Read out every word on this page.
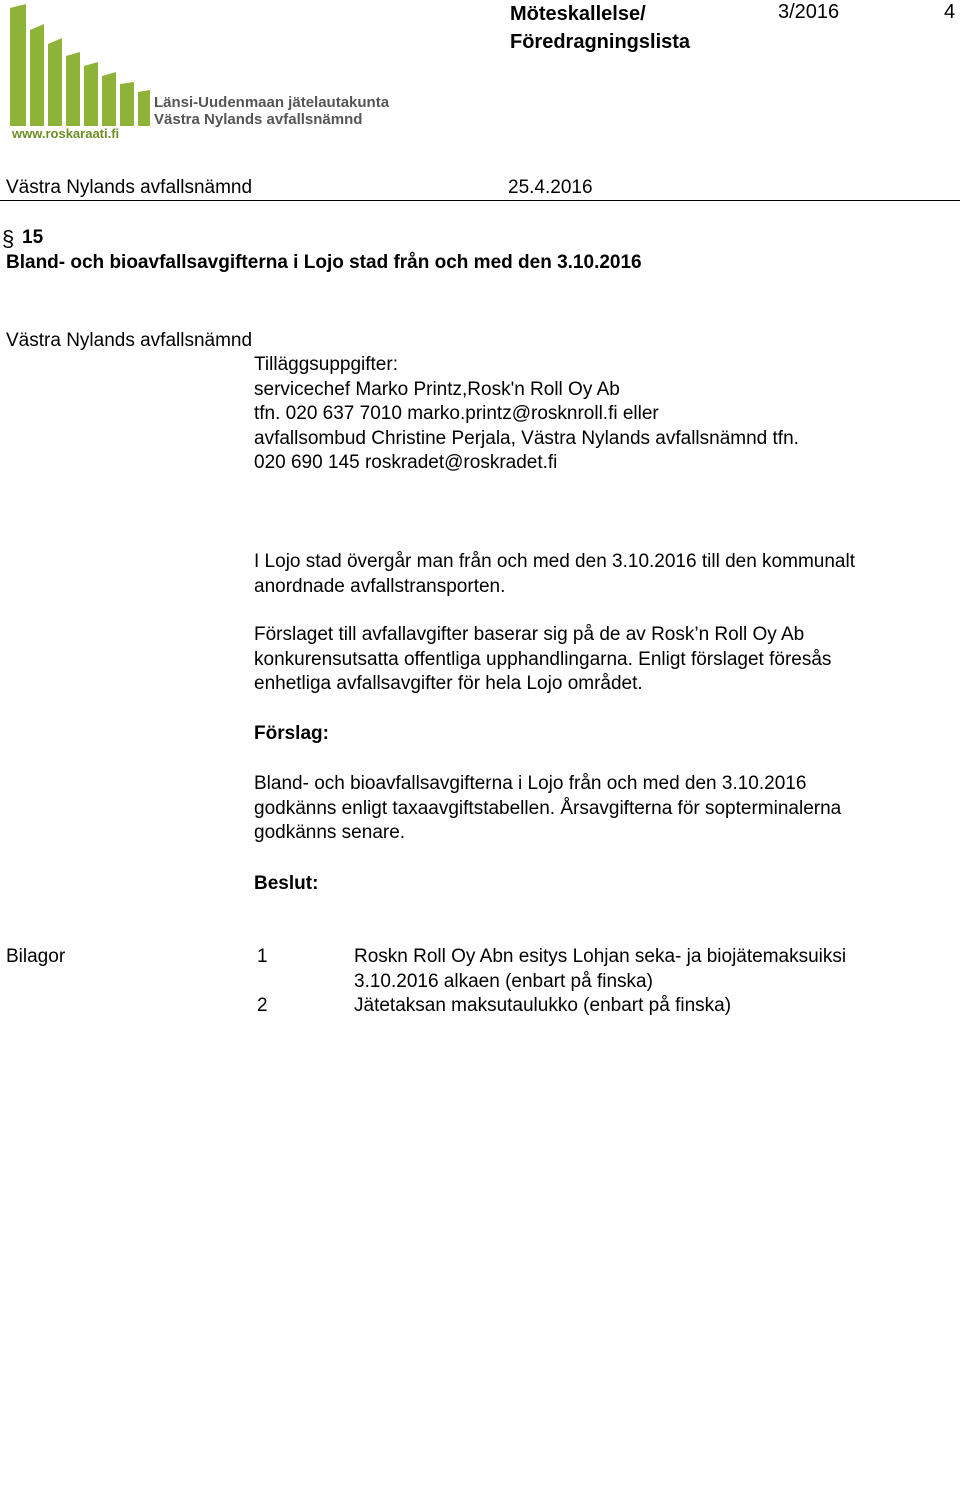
Länsi-Uudenmaan jätelautakunta
Västra Nylands avfallsnämnd
www.roskaraati.fi
Möteskallelse/
Föredragningslista
3/2016	4
Västra Nylands avfallsnämnd	25.4.2016
§ 15
Bland- och bioavfallsavgifterna i Lojo stad från och med den 3.10.2016
Västra Nylands avfallsnämnd
Tilläggsuppgifter:
servicechef Marko Printz,Rosk'n Roll Oy Ab
tfn. 020 637 7010 marko.printz@rosknroll.fi eller
avfallsombud Christine Perjala, Västra Nylands avfallsnämnd tfn.
020 690 145 roskradet@roskradet.fi
I Lojo stad övergår man från och med den 3.10.2016 till den kommunalt
anordnade avfallstransporten.
Förslaget till avfallavgifter baserar sig på de av Rosk’n Roll Oy Ab
konkurensutsatta offentliga upphandlingarna. Enligt förslaget föresås
enhetliga avfallsavgifter för hela Lojo området.
Förslag:
Bland- och bioavfallsavgifterna i Lojo från och med den 3.10.2016
godkänns enligt taxaavgiftstabellen. Årsavgifterna för sopterminalerna
godkänns senare.
Beslut:
Bilagor	1	Roskn Roll Oy Abn esitys Lohjan seka- ja biojätemaksuiksi
3.10.2016 alkaen (enbart på finska)
2	Jätetaksan maksutaulukko (enbart på finska)
